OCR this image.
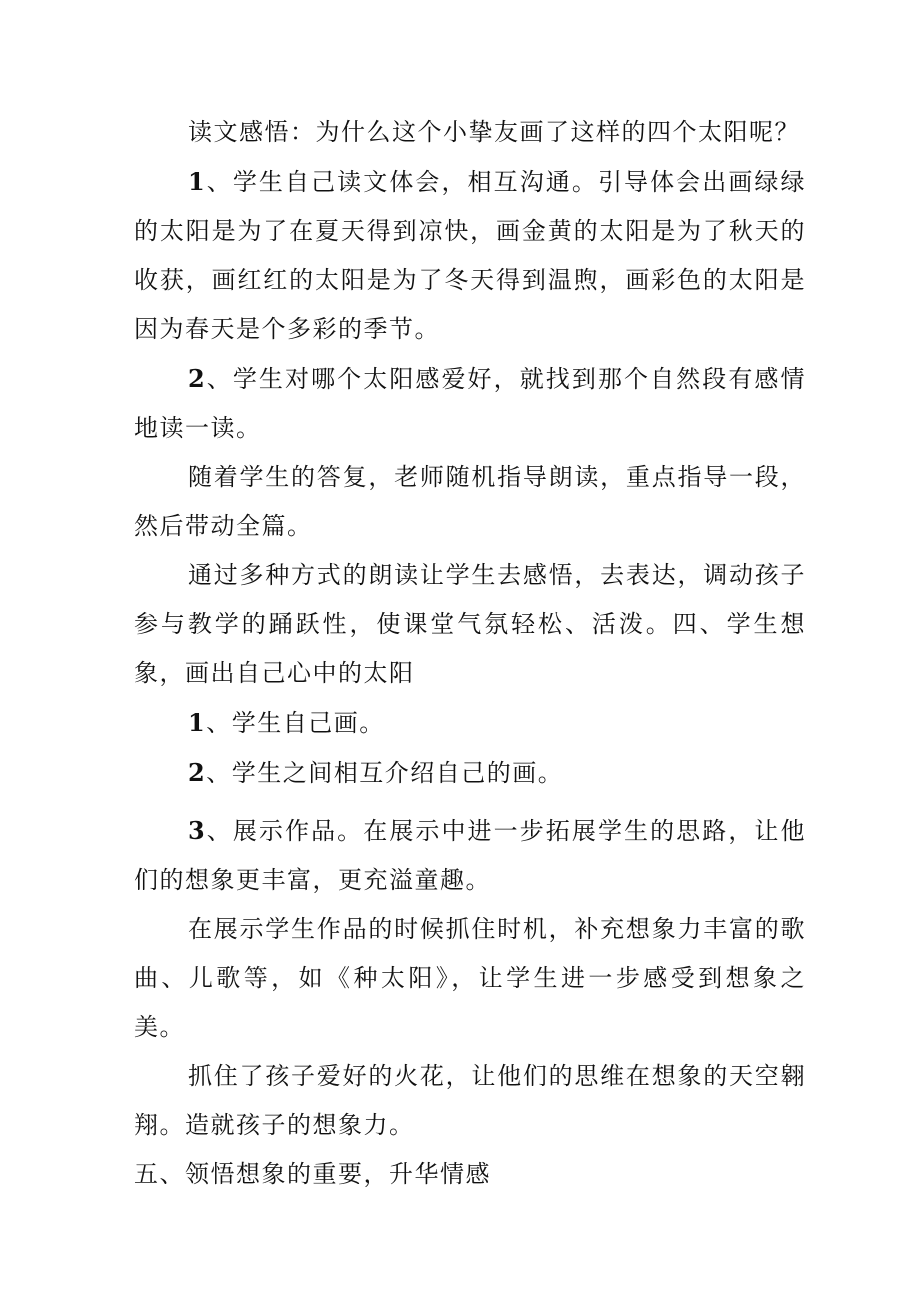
读文感悟：为什么这个小挚友画了这样的四个太阳呢？

1、学生自己读文体会，相互沟通。引导体会出画绿绿的太阳是为了在夏天得到凉快，画金黄的太阳是为了秋天的收获，画红红的太阳是为了冬天得到温煦，画彩色的太阳是因为春天是个多彩的季节。

2、学生对哪个太阳感爱好，就找到那个自然段有感情地读一读。

随着学生的答复，老师随机指导朗读，重点指导一段，然后带动全篇。

通过多种方式的朗读让学生去感悟，去表达，调动孩子参与教学的踊跃性，使课堂气氛轻松、活泼。四、学生想象，画出自己心中的太阳

1、学生自己画。

2、学生之间相互介绍自己的画。

3、展示作品。在展示中进一步拓展学生的思路，让他们的想象更丰富，更充溢童趣。

在展示学生作品的时候抓住时机，补充想象力丰富的歌曲、儿歌等，如《种太阳》，让学生进一步感受到想象之美。

抓住了孩子爱好的火花，让他们的思维在想象的天空翱翔。造就孩子的想象力。

五、领悟想象的重要，升华情感
